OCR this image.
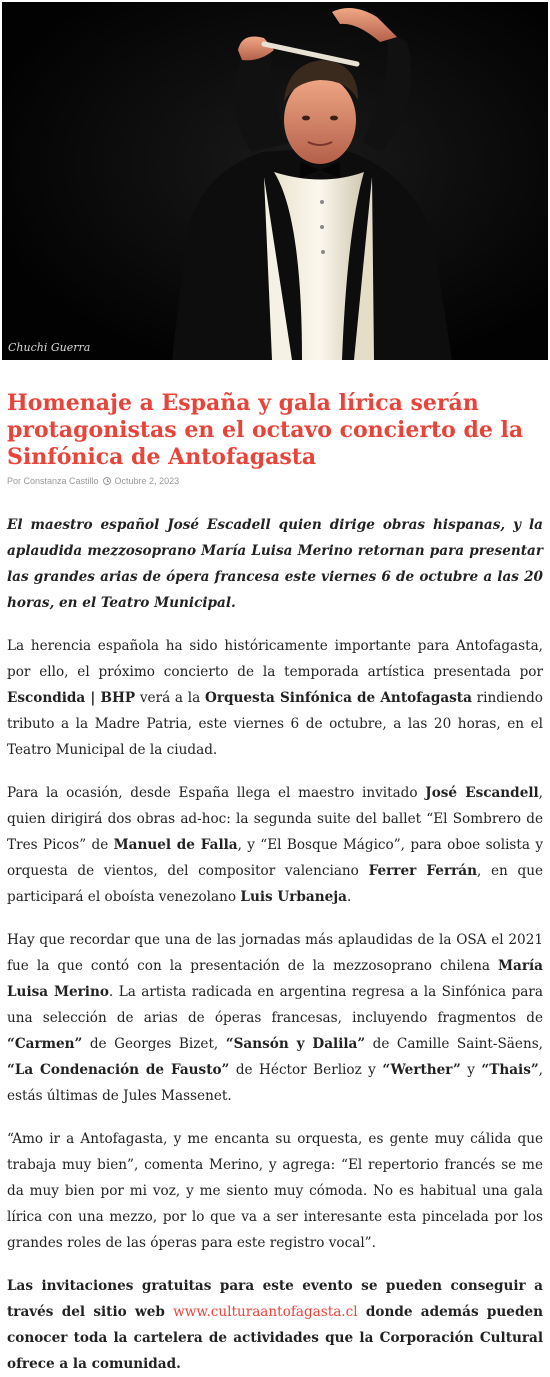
Chuchi Guerra
Homenaje a España y gala lírica serán protagonistas en el octavo concierto de la Sinfónica de Antofagasta
Por Constanza Castillo Octubre 2, 2023

El maestro español José Escadell quien dirige obras hispanas, y la aplaudida mezzosoprano María Luisa Merino retornan para presentar las grandes arias de ópera francesa este viernes 6 de octubre a las 20 horas, en el Teatro Municipal.

La herencia española ha sido históricamente importante para Antofagasta, por ello, el próximo concierto de la temporada artística presentada por Escondida | BHP verá a la Orquesta Sinfónica de Antofagasta rindiendo tributo a la Madre Patria, este viernes 6 de octubre, a las 20 horas, en el Teatro Municipal de la ciudad.

Para la ocasión, desde España llega el maestro invitado José Escandell, quien dirigirá dos obras ad-hoc: la segunda suite del ballet “El Sombrero de Tres Picos” de Manuel de Falla, y “El Bosque Mágico”, para oboe solista y orquesta de vientos, del compositor valenciano Ferrer Ferrán, en que participará el oboísta venezolano Luis Urbaneja.

Hay que recordar que una de las jornadas más aplaudidas de la OSA el 2021 fue la que contó con la presentación de la mezzosoprano chilena María Luisa Merino. La artista radicada en argentina regresa a la Sinfónica para una selección de arias de óperas francesas, incluyendo fragmentos de “Carmen” de Georges Bizet, “Sansón y Dalila” de Camille Saint-Säens, “La Condenación de Fausto” de Héctor Berlioz y “Werther” y “Thais”, estás últimas de Jules Massenet.

“Amo ir a Antofagasta, y me encanta su orquesta, es gente muy cálida que trabaja muy bien”, comenta Merino, y agrega: “El repertorio francés se me da muy bien por mi voz, y me siento muy cómoda. No es habitual una gala lírica con una mezzo, por lo que va a ser interesante esta pincelada por los grandes roles de las óperas para este registro vocal”.

Las invitaciones gratuitas para este evento se pueden conseguir a través del sitio web www.culturaantofagasta.cl donde además pueden conocer toda la cartelera de actividades que la Corporación Cultural ofrece a la comunidad.
